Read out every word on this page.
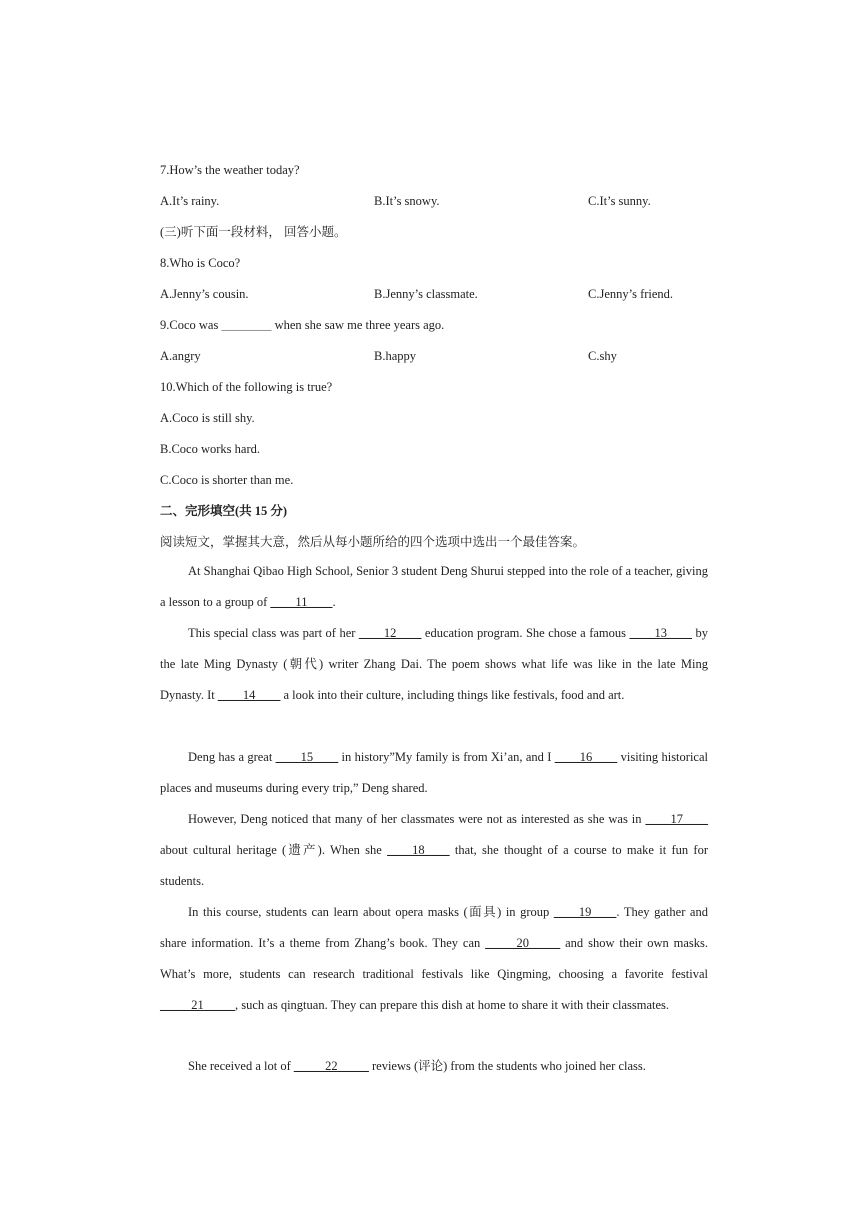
7.How’s the weather today?
A.It’s rainy.	B.It’s snowy.	C.It’s sunny.
(三)听下面一段材料， 回答小题。
8.Who is Coco?
A.Jenny’s cousin.	B.Jenny’s classmate.	C.Jenny’s friend.
9.Coco was ________ when she saw me three years ago.
A.angry	B.happy	C.shy
10.Which of the following is true?
A.Coco is still shy.
B.Coco works hard.
C.Coco is shorter than me.
二、完形填空(共 15 分)
阅读短文，掌握其大意，然后从每小题所给的四个选项中选出一个最佳答案。
At Shanghai Qibao High School, Senior 3 student Deng Shurui stepped into the role of a teacher, giving a lesson to a group of ____11____.
This special class was part of her ____12____ education program. She chose a famous ____13____ by the late Ming Dynasty (朝代) writer Zhang Dai. The poem shows what life was like in the late Ming Dynasty. It ____14____ a look into their culture, including things like festivals, food and art.
Deng has a great ____15____ in history”My family is from Xi’an, and I ____16____ visiting historical places and museums during every trip,” Deng shared.
However, Deng noticed that many of her classmates were not as interested as she was in ____17____ about cultural heritage (遗产). When she ____18____ that, she thought of a course to make it fun for students.
In this course, students can learn about opera masks (面具) in group ____19____. They gather and share information. It’s a theme from Zhang’s book. They can _____20_____ and show their own masks. What’s more, students can research traditional festivals like Qingming, choosing a favorite festival _____21_____, such as qingtuan. They can prepare this dish at home to share it with their classmates.
She received a lot of _____22_____ reviews (评论) from the students who joined her class.
